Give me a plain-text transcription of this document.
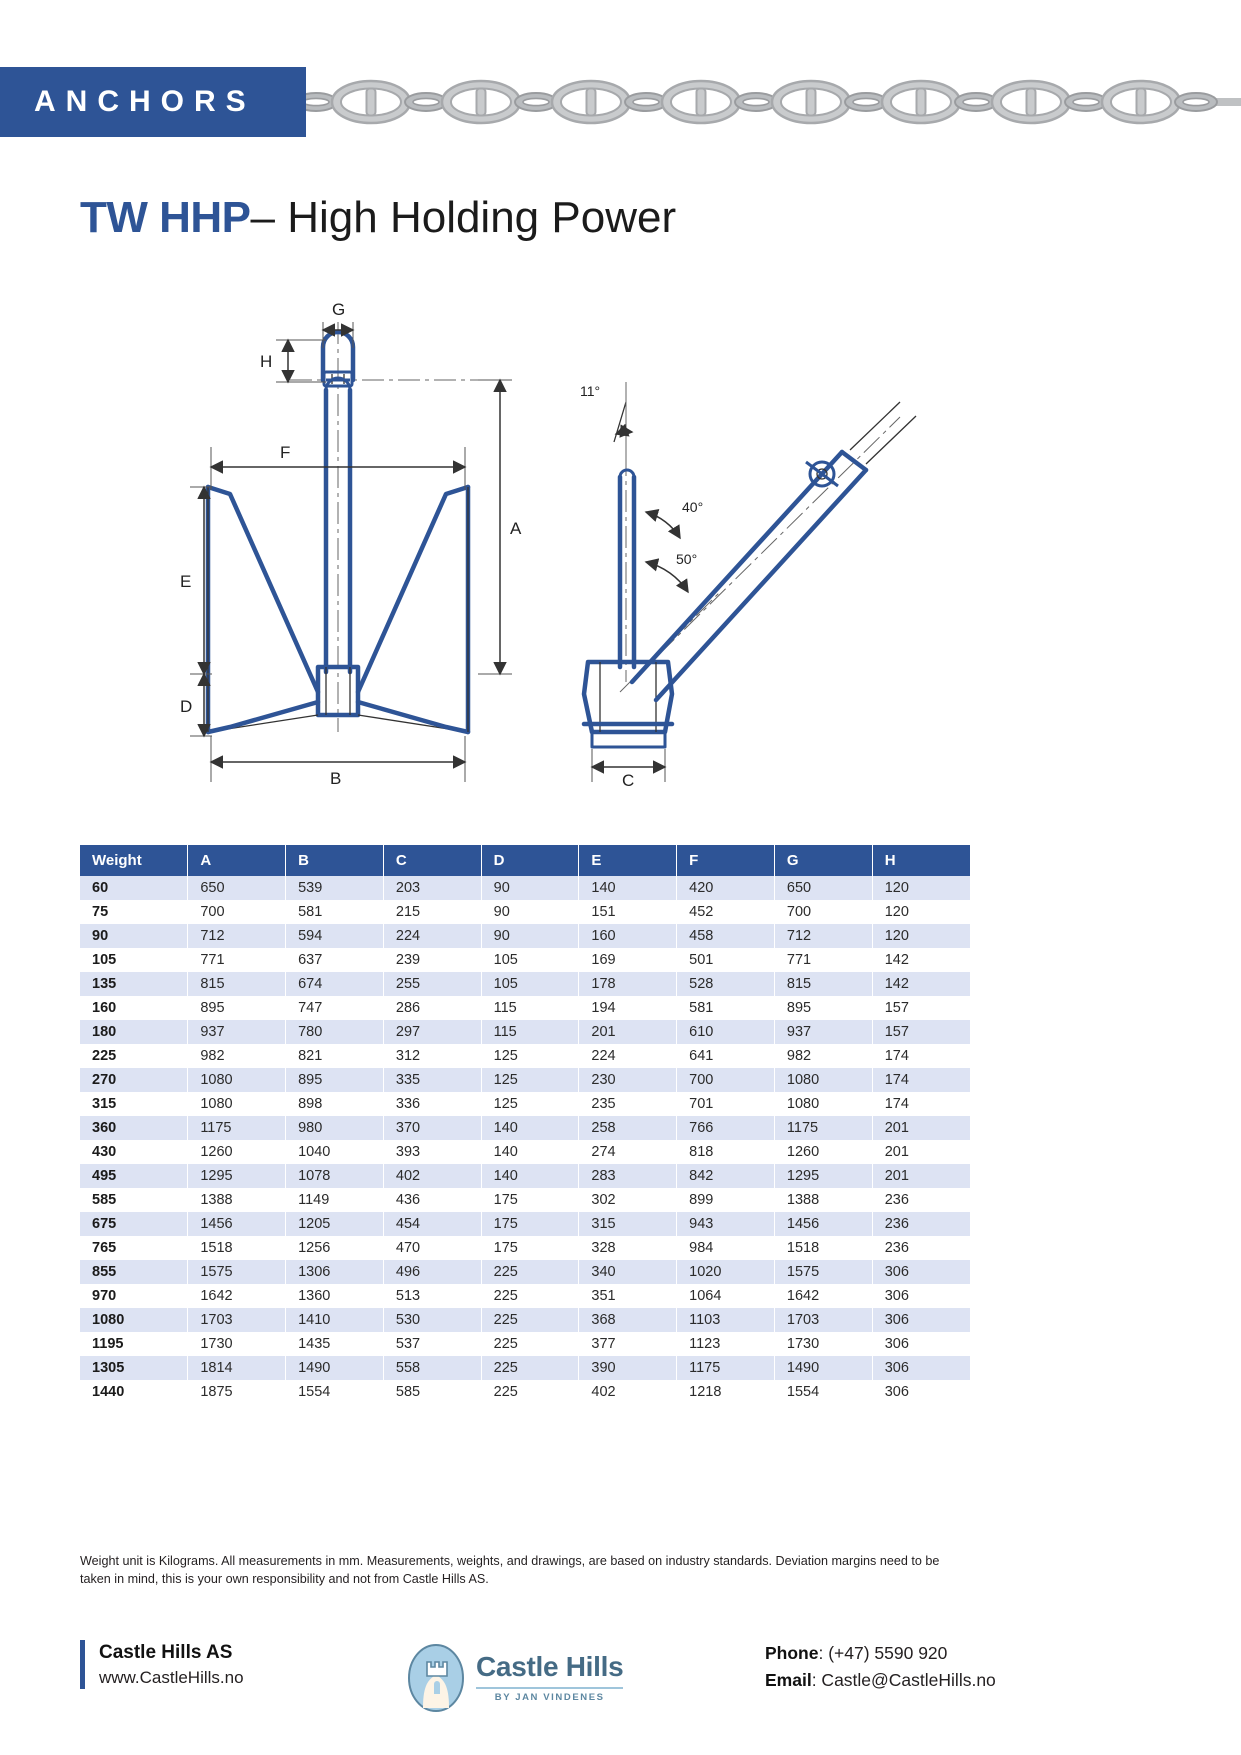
ANCHORS
TW HHP– High Holding Power
G
H
F
A
E
D
B
11°
40°
50°
C
Weight	A	B	C	D	E	F	G	H
60	650	539	203	90	140	420	650	120
75	700	581	215	90	151	452	700	120
90	712	594	224	90	160	458	712	120
105	771	637	239	105	169	501	771	142
135	815	674	255	105	178	528	815	142
160	895	747	286	115	194	581	895	157
180	937	780	297	115	201	610	937	157
225	982	821	312	125	224	641	982	174
270	1080	895	335	125	230	700	1080	174
315	1080	898	336	125	235	701	1080	174
360	1175	980	370	140	258	766	1175	201
430	1260	1040	393	140	274	818	1260	201
495	1295	1078	402	140	283	842	1295	201
585	1388	1149	436	175	302	899	1388	236
675	1456	1205	454	175	315	943	1456	236
765	1518	1256	470	175	328	984	1518	236
855	1575	1306	496	225	340	1020	1575	306
970	1642	1360	513	225	351	1064	1642	306
1080	1703	1410	530	225	368	1103	1703	306
1195	1730	1435	537	225	377	1123	1730	306
1305	1814	1490	558	225	390	1175	1490	306
1440	1875	1554	585	225	402	1218	1554	306
Weight unit is Kilograms. All measurements in mm. Measurements, weights, and drawings, are based on industry standards. Deviation margins need to be taken in mind, this is your own responsibility and not from Castle Hills AS.
Castle Hills AS
www.CastleHills.no	Castle Hills
BY JAN VINDENES
Phone: (+47) 5590 920
Email: Castle@CastleHills.no
